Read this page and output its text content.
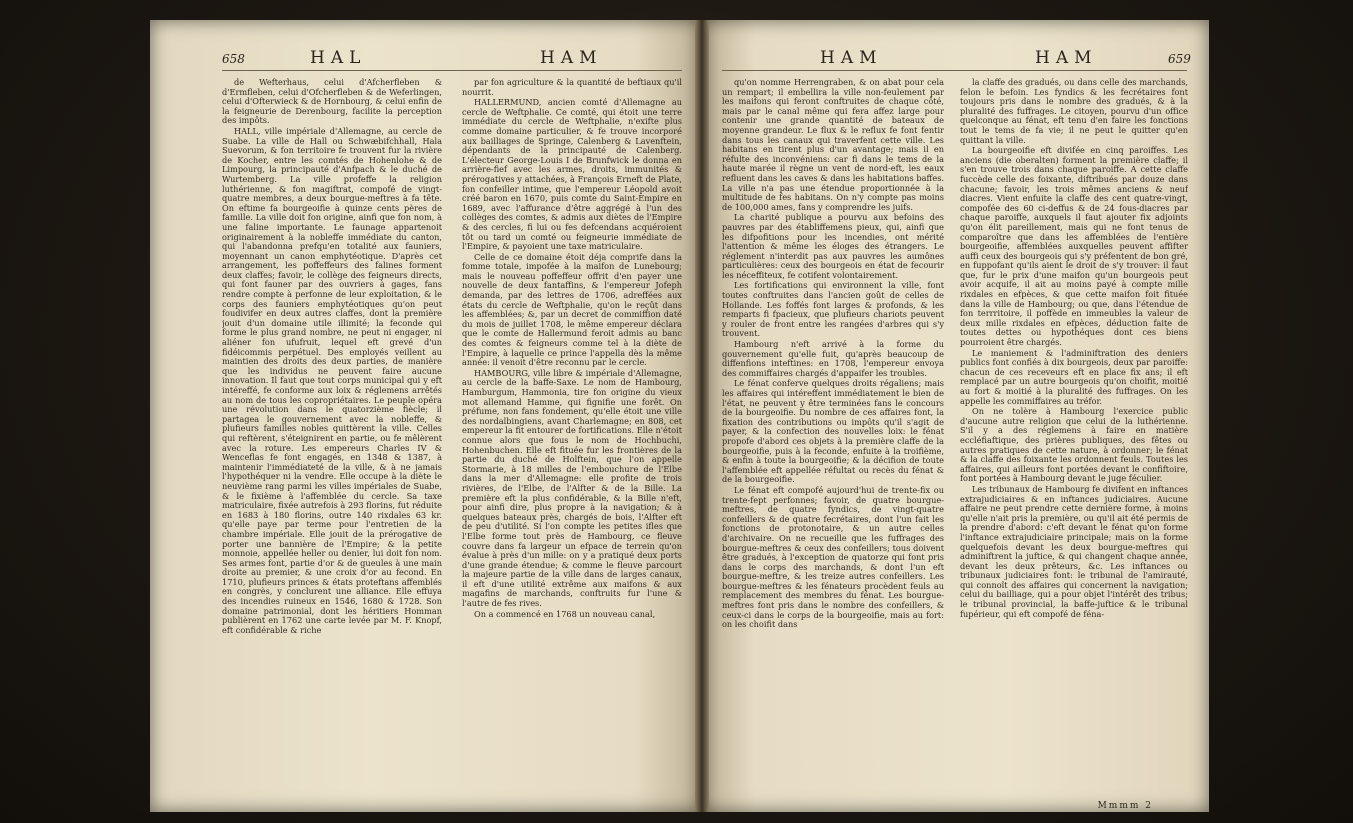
658	HAL	HAM	HAM	HAM	659

de Wefterhaus, celui d'Afcherfleben & d'Ermfleben, celui d'Ofcherfleben & de Weferlingen, celui d'Ofterwieck & de Hornbourg, & celui enfin de la feigneurie de Derenbourg, facilite la perception des impôts.

HALL, ville impériale d'Allemagne, au cercle de Suabe. La ville de Hall ou Schwæbifchhall, Hala Suevorum, & fon territoire fe trouvent fur la rivière de Kocher, entre les comtés de Hohenlohe & de Limpourg, la principauté d'Anfpach & le duché de Wurtemberg. La ville profeffe la religion luthérienne, & fon magiftrat, compofé de vingt-quatre membres, a deux bourgue-meftres à fa tête. On eftime fa bourgeoifie à quinze cents pères de famille. La ville doit fon origine, ainfi que fon nom, à une faline importante. Le faunage appartenoit originairement à la nobleffe immédiate du canton, qui l'abandonna prefqu'en totalité aux fauniers, moyennant un canon emphytéotique. D'après cet arrangement, les poffeffeurs des falines forment deux claffes; favoir, le collège des feigneurs directs, qui font fauner par des ouvriers à gages, fans rendre compte à perfonne de leur exploitation, & le corps des fauniers emphytéotiques qu'on peut foudivifer en deux autres claffes, dont la première jouit d'un domaine utile illimité; la feconde qui forme le plus grand nombre, ne peut ni engager, ni aliéner fon ufufruit, lequel eft grevé d'un fidéicommis perpétuel. Des employés veillent au maintien des droits des deux parties, de manière que les individus ne peuvent faire aucune innovation. Il faut que tout corps municipal qui y eft intéreffé, fe conforme aux loix & réglemens arrêtés au nom de tous les copropriétaires. Le peuple opéra une révolution dans le quatorzième fiècle; il partagea le gouvernement avec la nobleffe, & plufieurs familles nobles quittèrent la ville. Celles qui reftèrent, s'éteignirent en partie, ou fe mêlèrent avec la roture. Les empereurs Charles IV & Wenceflas fe font engagés, en 1348 & 1387, à maintenir l'immédiateté de la ville, & à ne jamais l'hypothéquer ni la vendre. Elle occupe à la diète le neuvième rang parmi les villes impériales de Suabe, & le fixième à l'affemblée du cercle. Sa taxe matriculaire, fixée autrefois à 293 florins, fut réduite en 1683 à 180 florins, outre 140 rixdales 63 kr. qu'elle paye par terme pour l'entretien de la chambre impériale. Elle jouit de la prérogative de porter une bannière de l'Empire; & la petite monnoie, appellée heller ou denier, lui doit fon nom. Ses armes font, partie d'or & de gueules à une main droite au premier, & une croix d'or au fecond. En 1710, plufieurs princes & états proteftans affemblés en congrès, y conclurent une alliance. Elle effuya des incendies ruineux en 1546, 1680 & 1728. Son domaine patrimonial, dont les héritiers Homman publièrent en 1762 une carte levée par M. F. Knopf, eft confidérable & riche

par fon agriculture & la quantité de beftiaux qu'il nourrit.

HALLERMUND, ancien comté d'Allemagne au cercle de Weftphalie. Ce comté, qui étoit une terre immédiate du cercle de Weftphalie, n'exifte plus comme domaine particulier, & fe trouve incorporé aux bailliages de Springe, Calenberg & Lavenftein, dépendants de la principauté de Calenberg. L'électeur George-Louis I de Brunfwick le donna en arrière-fief avec les armes, droits, immunités & prérogatives y attachées, à François Erneft de Plate, fon confeiller intime, que l'empereur Léopold avoit créé baron en 1670, puis comte du Saint-Empire en 1689, avec l'affurance d'être aggrégé à l'un des collèges des comtes, & admis aux diètes de l'Empire & des cercles, fi lui ou fes defcendans acquéroient tôt ou tard un comté ou feigneurie immédiate de l'Empire, & payoient une taxe matriculaire.

Celle de ce domaine étoit déja comprife dans la fomme totale, impofée à la maifon de Lunebourg; mais le nouveau poffeffeur offrit d'en payer une nouvelle de deux fantaffins, & l'empereur Jofeph demanda, par des lettres de 1706, adreffées aux états du cercle de Weftphalie, qu'on le reçût dans les affemblées; &, par un decret de commiffion daté du mois de juillet 1708, le même empereur déclara que le comte de Hallermund feroit admis au banc des comtes & feigneurs comme tel à la diète de l'Empire, à laquelle ce prince l'appella dès la même année: il venoit d'être reconnu par le cercle.

HAMBOURG, ville libre & impériale d'Allemagne, au cercle de la baffe-Saxe. Le nom de Hambourg, Hamburgum, Hammonia, tire fon origine du vieux mot allemand Hamme, qui fignifie une forêt. On préfume, non fans fondement, qu'elle étoit une ville des nordalbingiens, avant Charlemagne; en 808, cet empereur la fit entourer de fortifications. Elle n'étoit connue alors que fous le nom de Hochbuchi, Hohenbuchen. Elle eft fituée fur les frontières de la partie du duché de Holftein, que l'on appelle Stormarie, à 18 milles de l'embouchure de l'Elbe dans la mer d'Allemagne: elle profite de trois rivières, de l'Elbe, de l'Alfter & de la Bille. La première eft la plus confidérable, & la Bille n'eft, pour ainfi dire, plus propre à la navigation; & à quelques bateaux près, chargés de bois, l'Alfter eft de peu d'utilité. Si l'on compte les petites ifles que l'Elbe forme tout près de Hambourg, ce fleuve couvre dans fa largeur un efpace de terrein qu'on évalue à près d'un mille: on y a pratiqué deux ports d'une grande étendue; & comme le fleuve parcourt la majeure partie de la ville dans de larges canaux, il eft d'une utilité extrême aux maifons & aux magafins de marchands, conftruits fur l'une & l'autre de fes rives.

On a commencé en 1768 un nouveau canal,

qu'on nomme Herrengraben, & on abat pour cela un rempart; il embellira la ville non-feulement par les maifons qui feront conftruites de chaque côté, mais par le canal même qui fera affez large pour contenir une grande quantité de bateaux de moyenne grandeur. Le flux & le reflux fe font fentir dans tous les canaux qui traverfent cette ville. Les habitans en tirent plus d'un avantage; mais il en réfulte des inconvéniens: car fi dans le tems de la haute marée il règne un vent de nord-eft, les eaux refluent dans les caves & dans les habitations baffes. La ville n'a pas une étendue proportionnée à la multitude de fes habitans. On n'y compte pas moins de 100,000 ames, fans y comprendre les juifs.

La charité publique a pourvu aux befoins des pauvres par des établiffemens pieux, qui, ainfi que les difpofitions pour les incendies, ont mérité l'attention & même les éloges des étrangers. Le réglement n'interdit pas aux pauvres les aumônes particulières: ceux des bourgeois en état de fecourir les néceffiteux, fe cotifent volontairement.

Les fortifications qui environnent la ville, font toutes conftruites dans l'ancien goût de celles de Hollande. Les foffés font larges & profonds, & les remparts fi fpacieux, que plufieurs chariots peuvent y rouler de front entre les rangées d'arbres qui s'y trouvent.

Hambourg n'eft arrivé à la forme du gouvernement qu'elle fuit, qu'après beaucoup de diffenfions inteftines: en 1708, l'empereur envoya des commiffaires chargés d'appaifer les troubles.

Le fénat conferve quelques droits régaliens; mais les affaires qui intéreffent immédiatement le bien de l'état, ne peuvent y être terminées fans le concours de la bourgeoifie. Du nombre de ces affaires font, la fixation des contributions ou impôts qu'il s'agit de payer, & la confection des nouvelles loix: le fénat propofe d'abord ces objets à la première claffe de la bourgeoifie, puis à la feconde, enfuite à la troifième, & enfin à toute la bourgeoifie; & la décifion de toute l'affemblée eft appellée réfultat ou recès du fénat & de la bourgeoifie.

Le fénat eft compofé aujourd'hui de trente-fix ou trente-fept perfonnes; favoir, de quatre bourgue-meftres, de quatre fyndics, de vingt-quatre confeillers & de quatre fecrétaires, dont l'un fait les fonctions de protonotaire, & un autre celles d'archivaire. On ne recueille que les fuffrages des bourgue-meftres & ceux des confeillers; tous doivent être gradués, à l'exception de quatorze qui font pris dans le corps des marchands, & dont l'un eft bourgue-meftre, & les treize autres confeillers. Les bourgue-meftres & les fénateurs procèdent feuls au remplacement des membres du fénat. Les bourgue-meftres font pris dans le nombre des confeillers, & ceux-ci dans le corps de la bourgeoifie, mais au fort: on les choifit dans

la claffe des gradués, ou dans celle des marchands, felon le befoin. Les fyndics & les fecrétaires font toujours pris dans le nombre des gradués, & à la pluralité des fuffrages. Le citoyen, pourvu d'un office quelconque au fénat, eft tenu d'en faire les fonctions tout le tems de fa vie; il ne peut le quitter qu'en quittant la ville.

La bourgeoifie eft divifée en cinq paroiffes. Les anciens (die oberalten) forment la première claffe; il s'en trouve trois dans chaque paroiffe. A cette claffe fuccède celle des foixante, diftribués par douze dans chacune; favoir, les trois mêmes anciens & neuf diacres. Vient enfuite la claffe des cent quatre-vingt, compofée des 60 ci-deffus & de 24 fous-diacres par chaque paroiffe, auxquels il faut ajouter fix adjoints qu'on élit pareillement, mais qui ne font tenus de comparoître que dans les affemblées de l'entière bourgeoifie, affemblées auxquelles peuvent affifter auffi ceux des bourgeois qui s'y préfentent de bon gré, en fuppofant qu'ils aient le droit de s'y trouver: il faut que, fur le prix d'une maifon qu'un bourgeois peut avoir acquife, il ait au moins payé à compte mille rixdales en efpèces, & que cette maifon foit fituée dans la ville de Hambourg; ou que, dans l'étendue de fon terrritoire, il poffède en immeubles la valeur de deux mille rixdales en efpèces, déduction faite de toutes dettes ou hypothéques dont ces biens pourroient être chargés.

Le maniement & l'adminiftration des deniers publics font confiés à dix bourgeois, deux par paroiffe: chacun de ces receveurs eft en place fix ans; il eft remplacé par un autre bourgeois qu'on choifit, moitié au fort & moitié à la pluralité des fuffrages. On les appelle les commiffaires au tréfor.

On ne tolère à Hambourg l'exercice public d'aucune autre religion que celui de la luthérienne. S'il y a des réglemens à faire en matière eccléfiaftique, des prières publiques, des fêtes ou autres pratiques de cette nature, à ordonner; le fénat & la claffe des foixante les ordonnent feuls. Toutes les affaires, qui ailleurs font portées devant le confiftoire, font portées à Hambourg devant le juge féculier.

Les tribunaux de Hambourg fe divifent en inftances extrajudiciaires & en inftances judiciaires. Aucune affaire ne peut prendre cette dernière forme, à moins qu'elle n'ait pris la première, ou qu'il ait été permis de la prendre d'abord: c'eft devant le fénat qu'on forme l'inftance extrajudiciaire principale; mais on la forme quelquefois devant les deux bourgue-meftres qui adminiftrent la juftice, & qui changent chaque année, devant les deux prêteurs, &c. Les inftances ou tribunaux judiciaires font: le tribunal de l'amirauté, qui connoît des affaires qui concernent la navigation; celui du bailliage, qui a pour objet l'intérêt des tribus; le tribunal provincial, la baffe-juftice & le tribunal fupérieur, qui eft compofé de féna-

Mmmm 2
